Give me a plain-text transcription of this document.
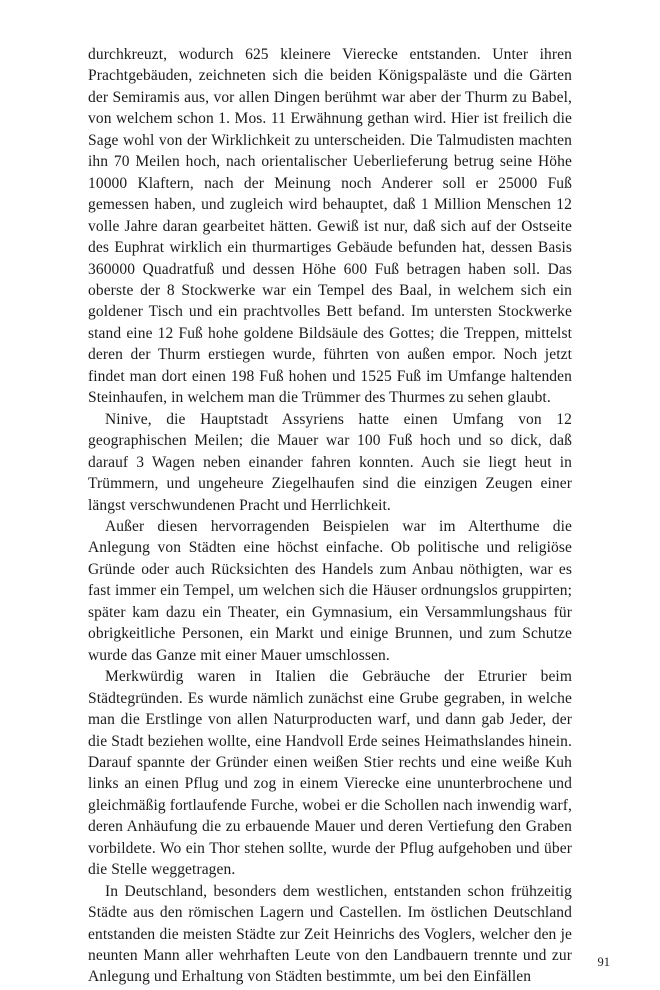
durchkreuzt, wodurch 625 kleinere Vierecke entstanden. Unter ihren Prachtgebäuden, zeichneten sich die beiden Königspaläste und die Gärten der Semiramis aus, vor allen Dingen berühmt war aber der Thurm zu Babel, von welchem schon 1. Mos. 11 Erwähnung gethan wird. Hier ist freilich die Sage wohl von der Wirklichkeit zu unterscheiden. Die Talmudisten machten ihn 70 Meilen hoch, nach orientalischer Ueberlieferung betrug seine Höhe 10000 Klaftern, nach der Meinung noch Anderer soll er 25000 Fuß gemessen haben, und zugleich wird behauptet, daß 1 Million Menschen 12 volle Jahre daran gearbeitet hätten. Gewiß ist nur, daß sich auf der Ostseite des Euphrat wirklich ein thurmartiges Gebäude befunden hat, dessen Basis 360000 Quadratfuß und dessen Höhe 600 Fuß betragen haben soll. Das oberste der 8 Stockwerke war ein Tempel des Baal, in welchem sich ein goldener Tisch und ein prachtvolles Bett befand. Im untersten Stockwerke stand eine 12 Fuß hohe goldene Bildsäule des Gottes; die Treppen, mittelst deren der Thurm erstiegen wurde, führten von außen empor. Noch jetzt findet man dort einen 198 Fuß hohen und 1525 Fuß im Umfange haltenden Steinhaufen, in welchem man die Trümmer des Thurmes zu sehen glaubt.

Ninive, die Hauptstadt Assyriens hatte einen Umfang von 12 geographischen Meilen; die Mauer war 100 Fuß hoch und so dick, daß darauf 3 Wagen neben einander fahren konnten. Auch sie liegt heut in Trümmern, und ungeheure Ziegelhaufen sind die einzigen Zeugen einer längst verschwundenen Pracht und Herrlichkeit.

Außer diesen hervorragenden Beispielen war im Alterthume die Anlegung von Städten eine höchst einfache. Ob politische und religiöse Gründe oder auch Rücksichten des Handels zum Anbau nöthigten, war es fast immer ein Tempel, um welchen sich die Häuser ordnungslos gruppirten; später kam dazu ein Theater, ein Gymnasium, ein Versammlungshaus für obrigkeitliche Personen, ein Markt und einige Brunnen, und zum Schutze wurde das Ganze mit einer Mauer umschlossen.

Merkwürdig waren in Italien die Gebräuche der Etrurier beim Städtegründen. Es wurde nämlich zunächst eine Grube gegraben, in welche man die Erstlinge von allen Naturproducten warf, und dann gab Jeder, der die Stadt beziehen wollte, eine Handvoll Erde seines Heimathslandes hinein. Darauf spannte der Gründer einen weißen Stier rechts und eine weiße Kuh links an einen Pflug und zog in einem Vierecke eine ununterbrochene und gleichmäßig fortlaufende Furche, wobei er die Schollen nach inwendig warf, deren Anhäufung die zu erbauende Mauer und deren Vertiefung den Graben vorbildete. Wo ein Thor stehen sollte, wurde der Pflug aufgehoben und über die Stelle weggetragen.

In Deutschland, besonders dem westlichen, entstanden schon frühzeitig Städte aus den römischen Lagern und Castellen. Im östlichen Deutschland entstanden die meisten Städte zur Zeit Heinrichs des Voglers, welcher den je neunten Mann aller wehrhaften Leute von den Landbauern trennte und zur Anlegung und Erhaltung von Städten bestimmte, um bei den Einfällen

91
